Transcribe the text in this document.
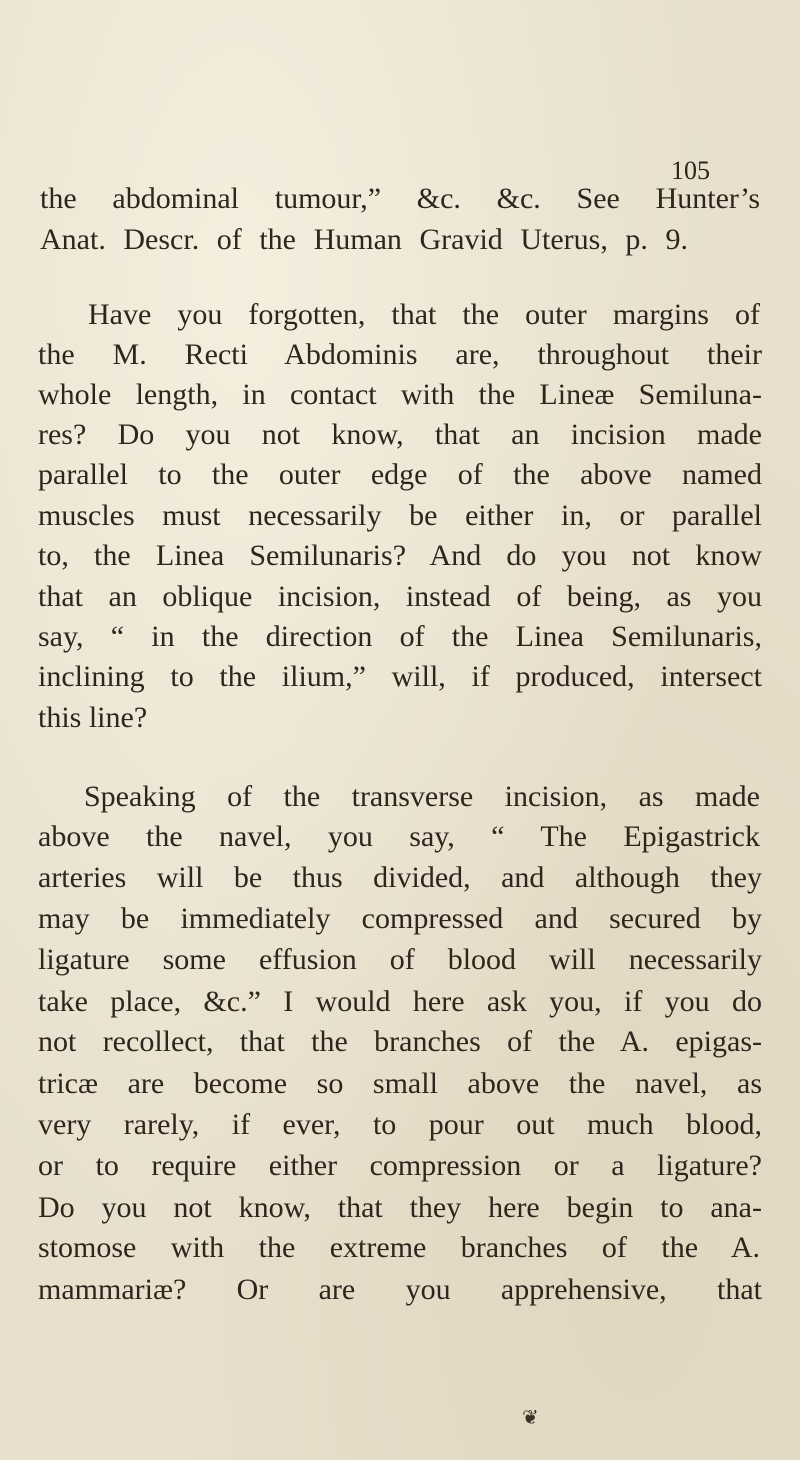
105
the abdominal tumour,” &c. &c. See Hunter’s
Anat. Descr. of the Human Gravid Uterus, p. 9.
Have you forgotten, that the outer margins of
the M. Recti Abdominis are, throughout their
whole length, in contact with the Lineæ Semiluna-
res? Do you not know, that an incision made
parallel to the outer edge of the above named
muscles must necessarily be either in, or parallel
to, the Linea Semilunaris? And do you not know
that an oblique incision, instead of being, as you
say, “ in the direction of the Linea Semilunaris,
inclining to the ilium,” will, if produced, intersect
this line?
Speaking of the transverse incision, as made
above the navel, you say, “ The Epigastrick
arteries will be thus divided, and although they
may be immediately compressed and secured by
ligature some effusion of blood will necessarily
take place, &c.” I would here ask you, if you do
not recollect, that the branches of the A. epigas-
tricæ are become so small above the navel, as
very rarely, if ever, to pour out much blood,
or to require either compression or a ligature?
Do you not know, that they here begin to ana-
stomose with the extreme branches of the A.
mammariæ? Or are you apprehensive, that
❦
